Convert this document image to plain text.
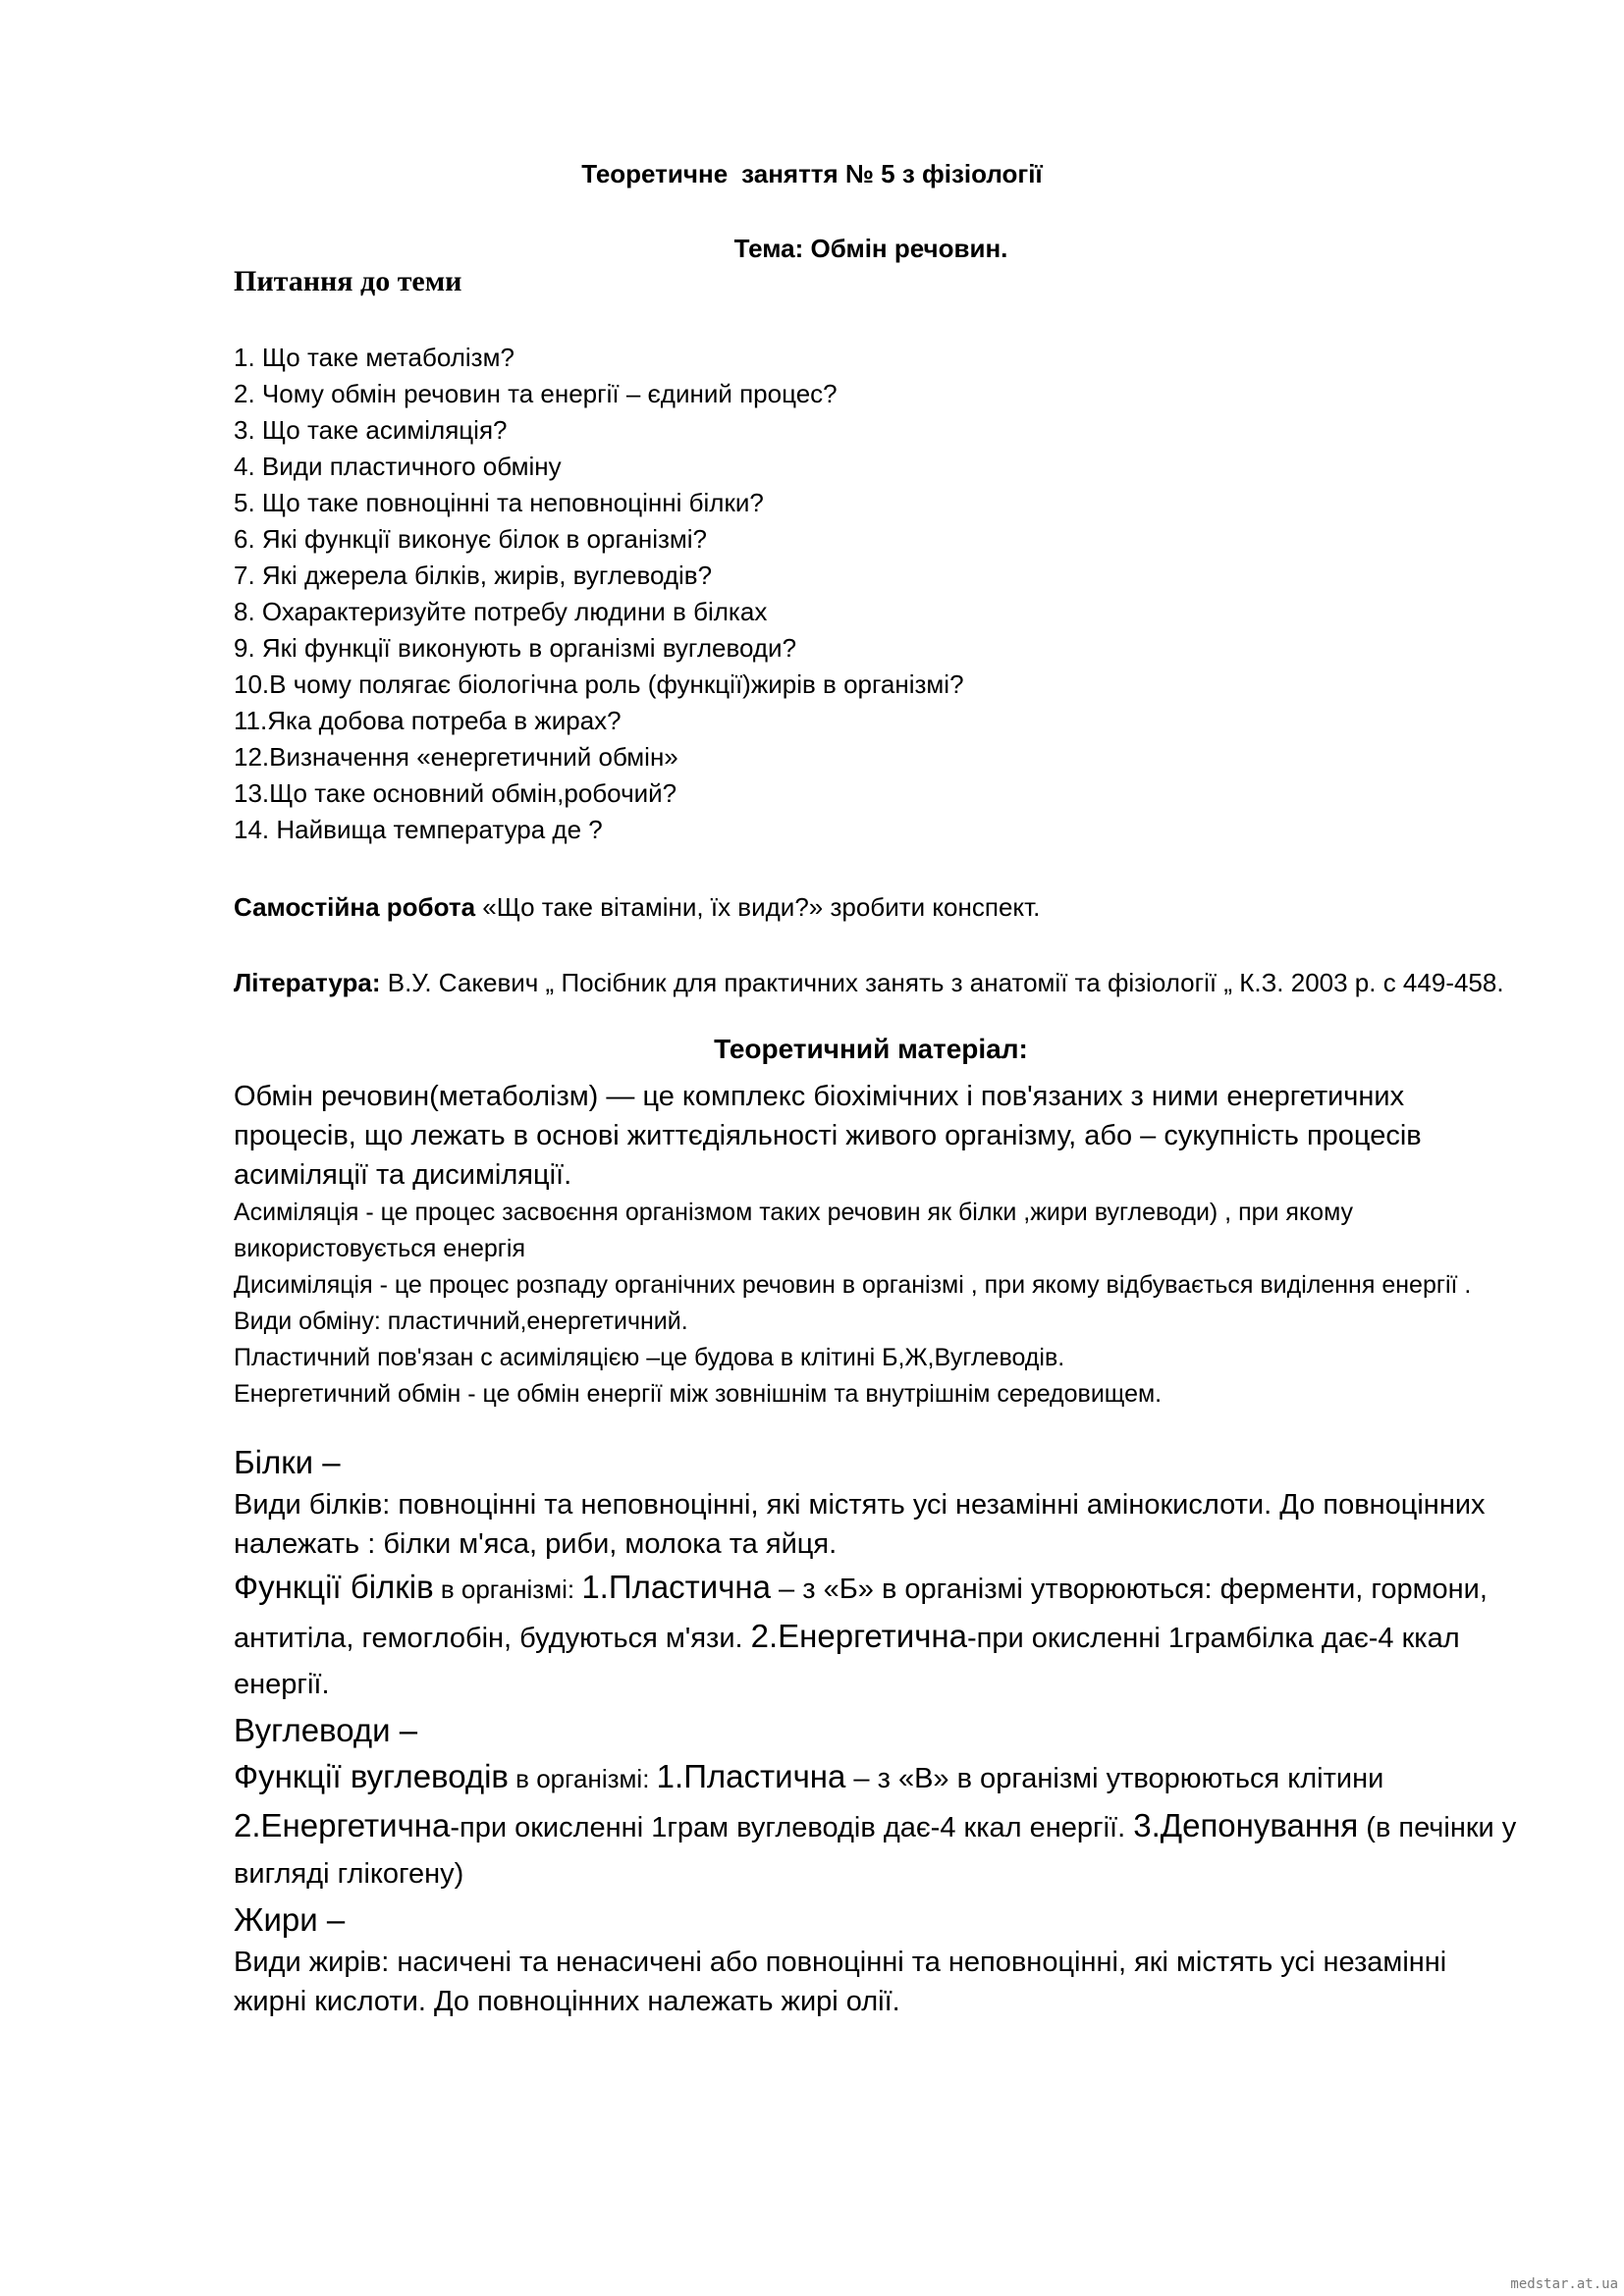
Теоретичне заняття № 5 з фізіології
Тема: Обмін речовин.
Питання до теми
1. Що таке метаболізм?
2. Чому обмін речовин та енергії – єдиний процес?
3. Що таке асиміляція?
4. Види пластичного обміну
5. Що таке повноцінні та неповноцінні білки?
6. Які функції виконує білок в організмі?
7. Які джерела білків, жирів, вуглеводів?
8. Охарактеризуйте потребу людини в білках
9. Які функції виконують в організмі вуглеводи?
10.В чому полягає біологічна роль (функції)жирів в організмі?
11.Яка добова потреба в жирах?
12.Визначення «енергетичний обмін»
13.Що таке основний обмін,робочий?
14. Найвища температура де ?
Самостійна робота «Що таке вітаміни, їх види?» зробити конспект.
Література: В.У. Сакевич „ Посібник для практичних занять з анатомії та фізіології „ К.З. 2003 р. с 449-458.
Теоретичний матеріал:
Обмін речовин(метаболізм) — це комплекс біохімічних і пов'язаних з ними енергетичних процесів, що лежать в основі життєдіяльності живого організму, або – сукупність процесів асиміляції та дисиміляції.
Асиміляція - це процес засвоєння організмом таких речовин як білки ,жири вуглеводи) , при якому використовується енергія
Дисиміляція - це процес розпаду органічних речовин в організмі , при якому відбувається виділення енергії .
Види обміну: пластичний,енергетичний.
Пластичний пов'язан с асиміляцією –це будова в клітині Б,Ж,Вуглеводів.
Енергетичний обмін - це обмін енергії між зовнішнім та внутрішнім середовищем.
Білки –
Види білків: повноцінні та неповноцінні, які містять усі незамінні амінокислоти. До повноцінних належать : білки м'яса, риби, молока та яйця.
Функції білків в організмі: 1.Пластична – з «Б» в організмі утворюються: ферменти, гормони, антитіла, гемоглобін, будуються м'язи. 2.Енергетична-при окисленні 1грамбілка дає-4 ккал енергії.
Вуглеводи –
Функції вуглеводів в організмі: 1.Пластична – з «В» в організмі утворюються клітини 2.Енергетична-при окисленні 1грам вуглеводів дає-4 ккал енергії. 3.Депонування (в печінки у вигляді глікогену)
Жири –
Види жирів: насичені та ненасичені або повноцінні та неповноцінні, які містять усі незамінні жирні кислоти. До повноцінних належать жирі олії.
medstar.at.ua
